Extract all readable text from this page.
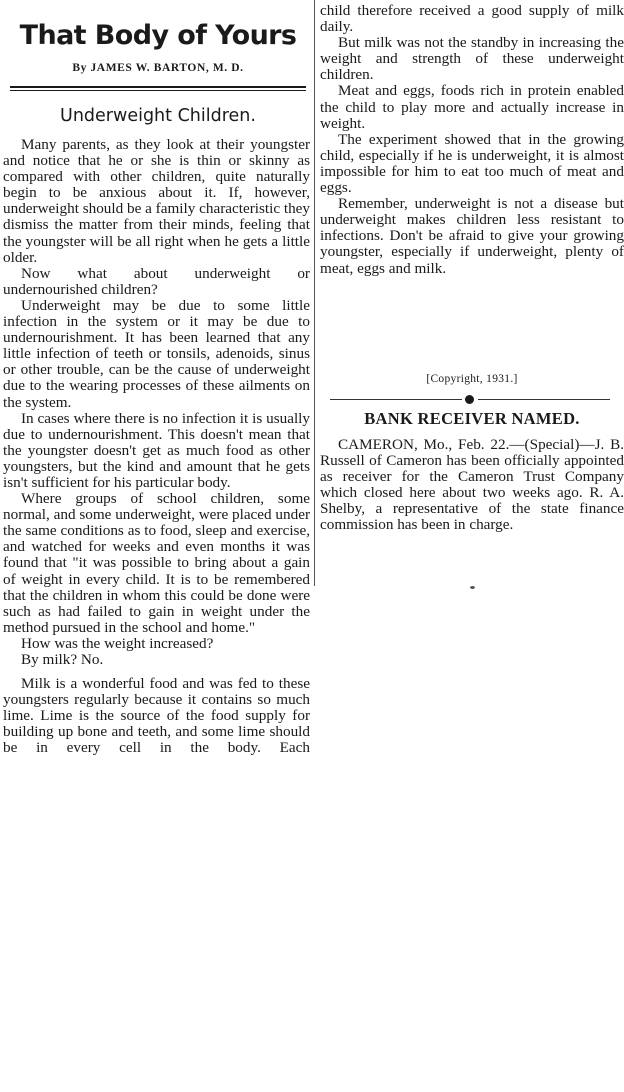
That Body of Yours
By JAMES W. BARTON, M. D.
Underweight Children.

Many parents, as they look at their youngster and notice that he or she is thin or skinny as compared with other children, quite naturally begin to be anxious about it. If, however, underweight should be a family characteristic they dismiss the matter from their minds, feeling that the youngster will be all right when he gets a little older.

Now what about underweight or undernourished children?

Underweight may be due to some little infection in the system or it may be due to undernourishment. It has been learned that any little infection of teeth or tonsils, adenoids, sinus or other trouble, can be the cause of underweight due to the wearing processes of these ailments on the system.

In cases where there is no infection it is usually due to undernourishment. This doesn't mean that the youngster doesn't get as much food as other youngsters, but the kind and amount that he gets isn't sufficient for his particular body.

Where groups of school children, some normal, and some underweight, were placed under the same conditions as to food, sleep and exercise, and watched for weeks and even months it was found that "it was possible to bring about a gain of weight in every child. It is to be remembered that the children in whom this could be done were such as had failed to gain in weight under the method pursued in the school and home."

How was the weight increased?

By milk? No.

Milk is a wonderful food and was fed to these youngsters regularly because it contains so much lime. Lime is the source of the food supply for building up bone and teeth, and some lime should be in every cell in the body. Each

child therefore received a good supply of milk daily.

But milk was not the standby in increasing the weight and strength of these underweight children.

Meat and eggs, foods rich in protein enabled the child to play more and actually increase in weight.

The experiment showed that in the growing child, especially if he is underweight, it is almost impossible for him to eat too much of meat and eggs.

Remember, underweight is not a disease but underweight makes children less resistant to infections. Don't be afraid to give your growing youngster, especially if underweight, plenty of meat, eggs and milk.

[Copyright, 1931.]
BANK RECEIVER NAMED.

CAMERON, Mo., Feb. 22.—(Special)—J. B. Russell of Cameron has been officially appointed as receiver for the Cameron Trust Company which closed here about two weeks ago. R. A. Shelby, a representative of the state finance commission has been in charge.
